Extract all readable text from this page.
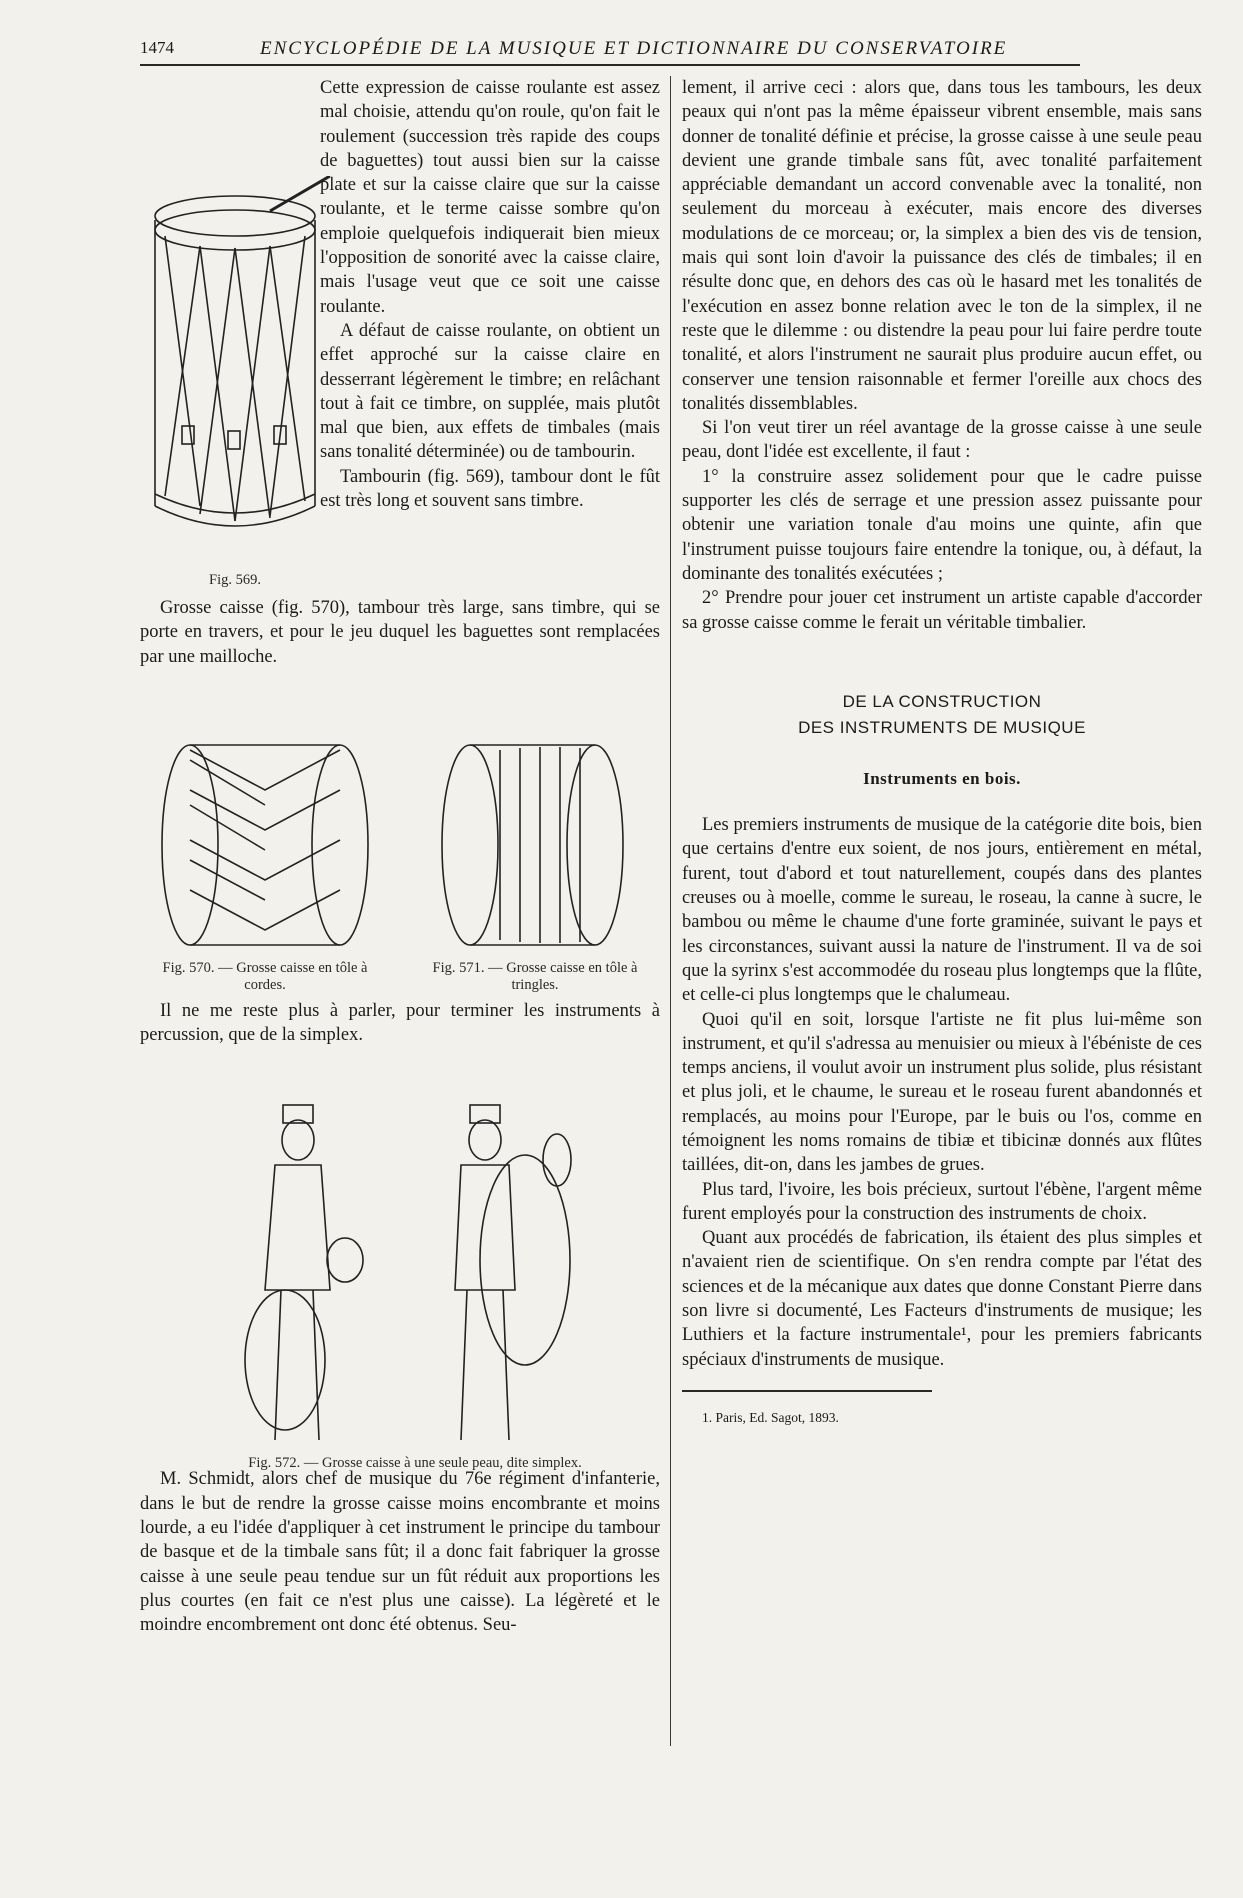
1474	ENCYCLOPÉDIE DE LA MUSIQUE ET DICTIONNAIRE DU CONSERVATOIRE

Cette expression de caisse roulante est assez mal choisie, attendu qu'on roule, qu'on fait le roulement (succession très rapide des coups de baguettes) tout aussi bien sur la caisse plate et sur la caisse claire que sur la caisse roulante, et le terme caisse sombre qu'on emploie quelquefois indiquerait bien mieux l'opposition de sonorité avec la caisse claire, mais l'usage veut que ce soit une caisse roulante.

A défaut de caisse roulante, on obtient un effet approché sur la caisse claire en desserrant légèrement le timbre; en relâchant tout à fait ce timbre, on supplée, mais plutôt mal que bien, aux effets de timbales (mais sans tonalité déterminée) ou de tambourin.

Tambourin (fig. 569), tambour dont le fût est très long et souvent sans timbre.

Grosse caisse (fig. 570), tambour très large, sans timbre, qui se porte en travers, et pour le jeu duquel les baguettes sont remplacées par une mailloche.

Il ne me reste plus à parler, pour terminer les instruments à percussion, que de la simplex.

M. Schmidt, alors chef de musique du 76e régiment d'infanterie, dans le but de rendre la grosse caisse moins encombrante et moins lourde, a eu l'idée d'appliquer à cet instrument le principe du tambour de basque et de la timbale sans fût; il a donc fait fabriquer la grosse caisse à une seule peau tendue sur un fût réduit aux proportions les plus courtes (en fait ce n'est plus une caisse). La légèreté et le moindre encombrement ont donc été obtenus. Seu-

Fig. 569.
Fig. 570. — Grosse caisse en tôle à cordes.
Fig. 571. — Grosse caisse en tôle à tringles.
Fig. 572. — Grosse caisse à une seule peau, dite simplex.

lement, il arrive ceci : alors que, dans tous les tambours, les deux peaux qui n'ont pas la même épaisseur vibrent ensemble, mais sans donner de tonalité définie et précise, la grosse caisse à une seule peau devient une grande timbale sans fût, avec tonalité parfaitement appréciable demandant un accord convenable avec la tonalité, non seulement du morceau à exécuter, mais encore des diverses modulations de ce morceau; or, la simplex a bien des vis de tension, mais qui sont loin d'avoir la puissance des clés de timbales; il en résulte donc que, en dehors des cas où le hasard met les tonalités de l'exécution en assez bonne relation avec le ton de la simplex, il ne reste que le dilemme : ou distendre la peau pour lui faire perdre toute tonalité, et alors l'instrument ne saurait plus produire aucun effet, ou conserver une tension raisonnable et fermer l'oreille aux chocs des tonalités dissemblables.

Si l'on veut tirer un réel avantage de la grosse caisse à une seule peau, dont l'idée est excellente, il faut :

1° la construire assez solidement pour que le cadre puisse supporter les clés de serrage et une pression assez puissante pour obtenir une variation tonale d'au moins une quinte, afin que l'instrument puisse toujours faire entendre la tonique, ou, à défaut, la dominante des tonalités exécutées ;

2° Prendre pour jouer cet instrument un artiste capable d'accorder sa grosse caisse comme le ferait un véritable timbalier.

DE LA CONSTRUCTION
DES INSTRUMENTS DE MUSIQUE
Instruments en bois.

Les premiers instruments de musique de la catégorie dite bois, bien que certains d'entre eux soient, de nos jours, entièrement en métal, furent, tout d'abord et tout naturellement, coupés dans des plantes creuses ou à moelle, comme le sureau, le roseau, la canne à sucre, le bambou ou même le chaume d'une forte graminée, suivant le pays et les circonstances, suivant aussi la nature de l'instrument. Il va de soi que la syrinx s'est accommodée du roseau plus longtemps que la flûte, et celle-ci plus longtemps que le chalumeau.

Quoi qu'il en soit, lorsque l'artiste ne fit plus lui-même son instrument, et qu'il s'adressa au menuisier ou mieux à l'ébéniste de ces temps anciens, il voulut avoir un instrument plus solide, plus résistant et plus joli, et le chaume, le sureau et le roseau furent abandonnés et remplacés, au moins pour l'Europe, par le buis ou l'os, comme en témoignent les noms romains de tibiæ et tibicinæ donnés aux flûtes taillées, dit-on, dans les jambes de grues.

Plus tard, l'ivoire, les bois précieux, surtout l'ébène, l'argent même furent employés pour la construction des instruments de choix.

Quant aux procédés de fabrication, ils étaient des plus simples et n'avaient rien de scientifique. On s'en rendra compte par l'état des sciences et de la mécanique aux dates que donne Constant Pierre dans son livre si documenté, Les Facteurs d'instruments de musique; les Luthiers et la facture instrumentale¹, pour les premiers fabricants spéciaux d'instruments de musique.

1. Paris, Ed. Sagot, 1893.
